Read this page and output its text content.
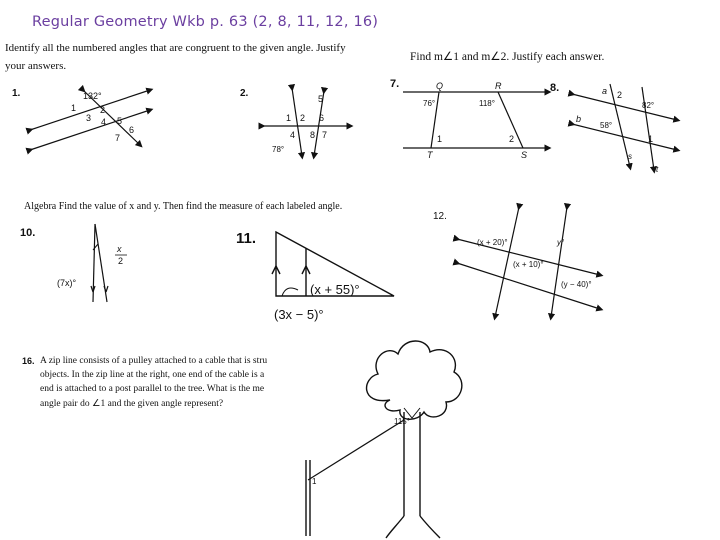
Regular Geometry Wkb p. 63 (2, 8, 11, 12, 16)
Identify all the numbered angles that are congruent to the given angle. Justify
your answers.
Find m∠1 and m∠2. Justify each answer.
Algebra Find the value of x and y. Then find the measure of each labeled angle.
1.	2.
7.	8.
10.	11.
12.
16. A zip line consists of a pulley attached to a cable that is stru
objects. In the zip line at the right, one end of the cable is a
end is attached to a post parallel to the tree. What is the me
angle pair do ∠1 and the given angle represent?
132°
1	2
3 4 5
6
7
5
1 2 6
4 8 7
78°
Q	R
T	S
76°	118°
1	2
a
b
s
t
2
82°
58°
1
x
2
(7x)°	(x + 55)°
(3x − 5)°
(x + 20)°	y°
(x + 10)°
(y − 40)°
115°
1
